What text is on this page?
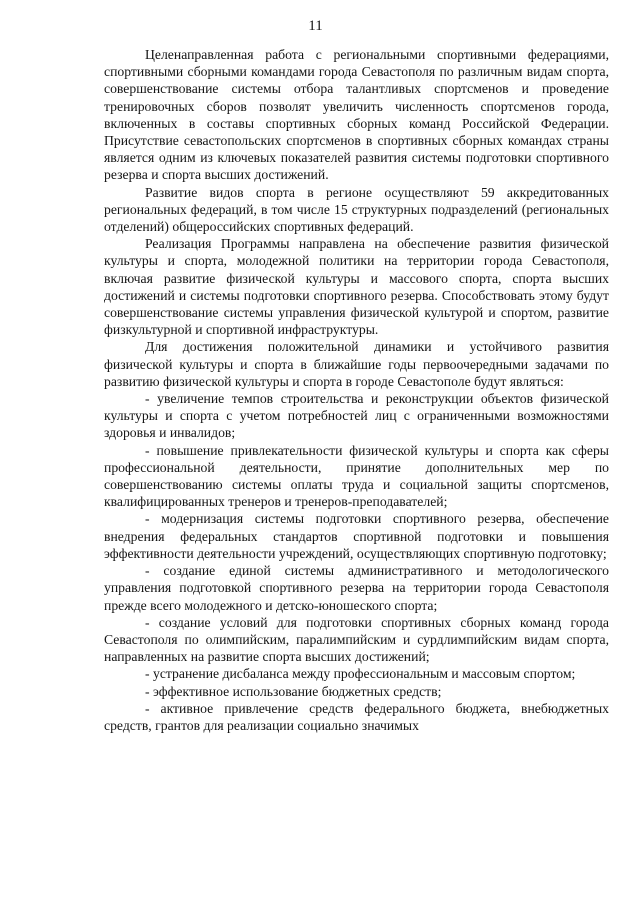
11

Целенаправленная работа с региональными спортивными федерациями, спортивными сборными командами города Севастополя по различным видам спорта, совершенствование системы отбора талантливых спортсменов и проведение тренировочных сборов позволят увеличить численность спортсменов города, включенных в составы спортивных сборных команд Российской Федерации. Присутствие севастопольских спортсменов в спортивных сборных командах страны является одним из ключевых показателей развития системы подготовки спортивного резерва и спорта высших достижений.

Развитие видов спорта в регионе осуществляют 59 аккредитованных региональных федераций, в том числе 15 структурных подразделений (региональных отделений) общероссийских спортивных федераций.

Реализация Программы направлена на обеспечение развития физической культуры и спорта, молодежной политики на территории города Севастополя, включая развитие физической культуры и массового спорта, спорта высших достижений и системы подготовки спортивного резерва. Способствовать этому будут совершенствование системы управления физической культурой и спортом, развитие физкультурной и спортивной инфраструктуры.

Для достижения положительной динамики и устойчивого развития физической культуры и спорта в ближайшие годы первоочередными задачами по развитию физической культуры и спорта в городе Севастополе будут являться:

- увеличение темпов строительства и реконструкции объектов физической культуры и спорта с учетом потребностей лиц с ограниченными возможностями здоровья и инвалидов;
- повышение привлекательности физической культуры и спорта как сферы профессиональной деятельности, принятие дополнительных мер по совершенствованию системы оплаты труда и социальной защиты спортсменов, квалифицированных тренеров и тренеров-преподавателей;
- модернизация системы подготовки спортивного резерва, обеспечение внедрения федеральных стандартов спортивной подготовки и повышения эффективности деятельности учреждений, осуществляющих спортивную подготовку;
- создание единой системы административного и методологического управления подготовкой спортивного резерва на территории города Севастополя прежде всего молодежного и детско-юношеского спорта;
- создание условий для подготовки спортивных сборных команд города Севастополя по олимпийским, паралимпийским и сурдлимпийским видам спорта, направленных на развитие спорта высших достижений;
- устранение дисбаланса между профессиональным и массовым спортом;
- эффективное использование бюджетных средств;
- активное привлечение средств федерального бюджета, внебюджетных средств, грантов для реализации социально значимых
